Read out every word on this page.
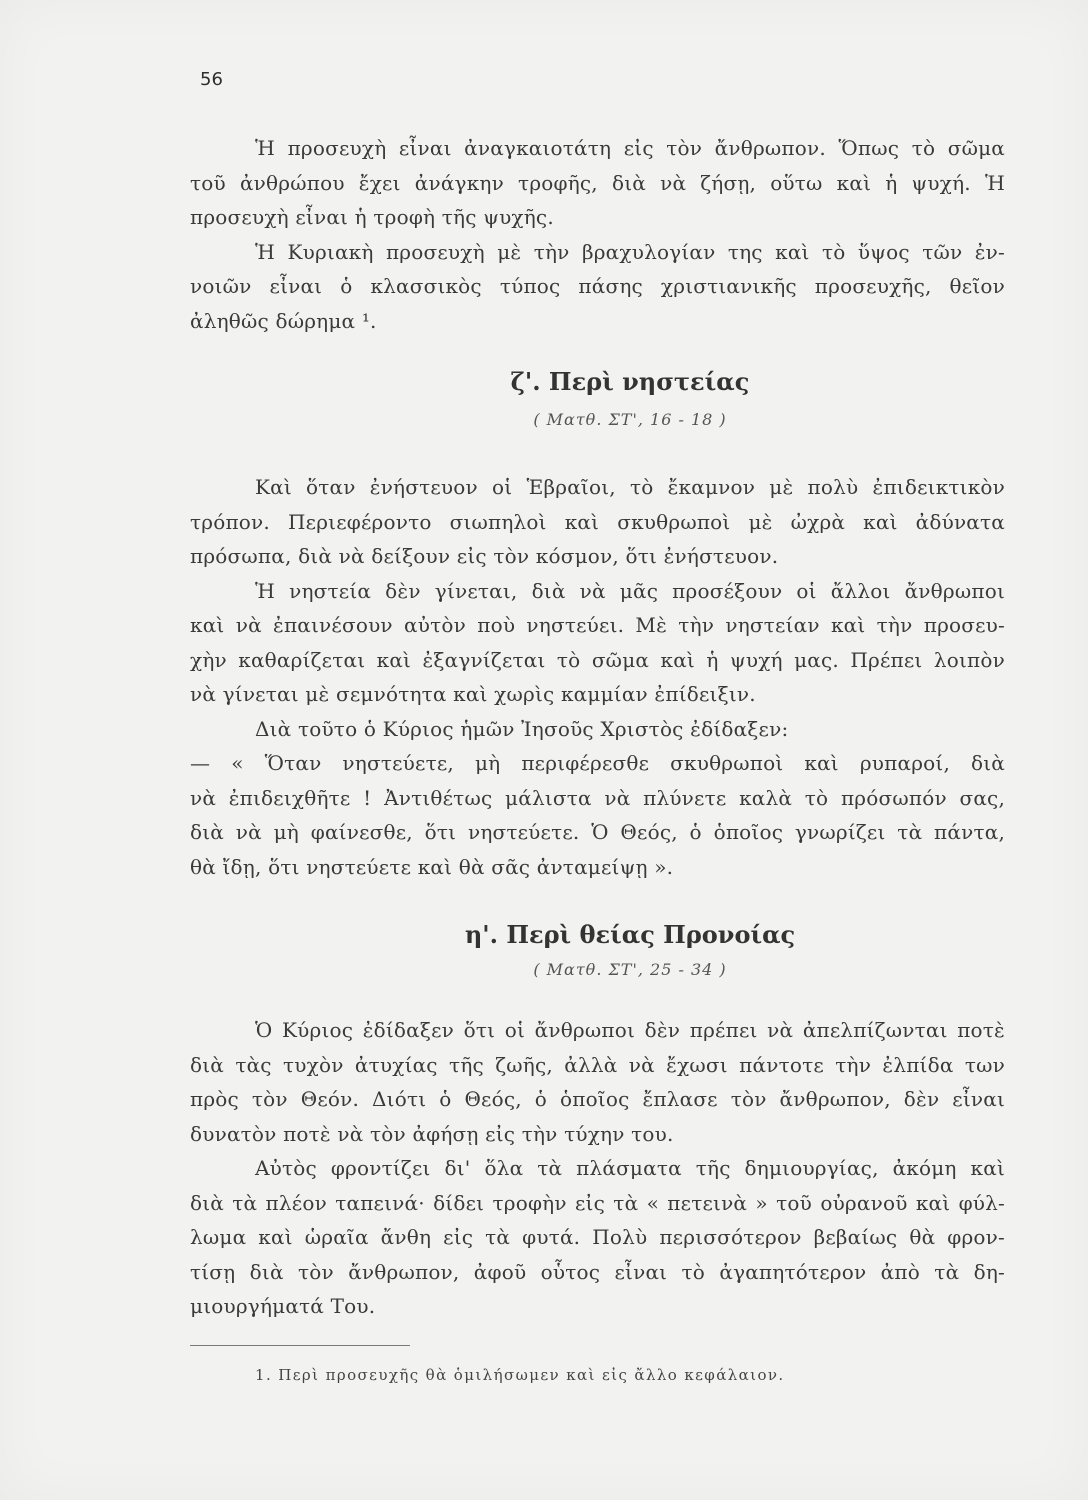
56
Ἡ προσευχὴ εἶναι ἀναγκαιοτάτη εἰς τὸν ἄνθρωπον. Ὅπως τὸ σῶμα
τοῦ ἀνθρώπου ἔχει ἀνάγκην τροφῆς, διὰ νὰ ζήσῃ, οὕτω καὶ ἡ ψυχή. Ἡ
προσευχὴ εἶναι ἡ τροφὴ τῆς ψυχῆς.
Ἡ Κυριακὴ προσευχὴ μὲ τὴν βραχυλογίαν της καὶ τὸ ὕψος τῶν ἐν-
νοιῶν εἶναι ὁ κλασσικὸς τύπος πάσης χριστιανικῆς προσευχῆς, θεῖον
ἀληθῶς δώρημα ¹.
ζ'. Περὶ νηστείας
( Ματθ. ΣΤ', 16 - 18 )
Καὶ ὅταν ἐνήστευον οἱ Ἑβραῖοι, τὸ ἔκαμνον μὲ πολὺ ἐπιδεικτικὸν
τρόπον. Περιεφέροντο σιωπηλοὶ καὶ σκυθρωποὶ μὲ ὠχρὰ καὶ ἀδύνατα
πρόσωπα, διὰ νὰ δείξουν εἰς τὸν κόσμον, ὅτι ἐνήστευον.
Ἡ νηστεία δὲν γίνεται, διὰ νὰ μᾶς προσέξουν οἱ ἄλλοι ἄνθρωποι
καὶ νὰ ἐπαινέσουν αὐτὸν ποὺ νηστεύει. Μὲ τὴν νηστείαν καὶ τὴν προσευ-
χὴν καθαρίζεται καὶ ἐξαγνίζεται τὸ σῶμα καὶ ἡ ψυχή μας. Πρέπει λοιπὸν
νὰ γίνεται μὲ σεμνότητα καὶ χωρὶς καμμίαν ἐπίδειξιν.
Διὰ τοῦτο ὁ Κύριος ἡμῶν Ἰησοῦς Χριστὸς ἐδίδαξεν:
— « Ὅταν νηστεύετε, μὴ περιφέρεσθε σκυθρωποὶ καὶ ρυπαροί, διὰ
νὰ ἐπιδειχθῆτε ! Ἀντιθέτως μάλιστα νὰ πλύνετε καλὰ τὸ πρόσωπόν σας,
διὰ νὰ μὴ φαίνεσθε, ὅτι νηστεύετε. Ὁ Θεός, ὁ ὁποῖος γνωρίζει τὰ πάντα,
θὰ ἴδῃ, ὅτι νηστεύετε καὶ θὰ σᾶς ἀνταμείψῃ ».
η'. Περὶ θείας Προνοίας
( Ματθ. ΣΤ', 25 - 34 )
Ὁ Κύριος ἐδίδαξεν ὅτι οἱ ἄνθρωποι δὲν πρέπει νὰ ἀπελπίζωνται ποτὲ
διὰ τὰς τυχὸν ἀτυχίας τῆς ζωῆς, ἀλλὰ νὰ ἔχωσι πάντοτε τὴν ἐλπίδα των
πρὸς τὸν Θεόν. Διότι ὁ Θεός, ὁ ὁποῖος ἔπλασε τὸν ἄνθρωπον, δὲν εἶναι
δυνατὸν ποτὲ νὰ τὸν ἀφήσῃ εἰς τὴν τύχην του.
Αὐτὸς φροντίζει δι' ὅλα τὰ πλάσματα τῆς δημιουργίας, ἀκόμη καὶ
διὰ τὰ πλέον ταπεινά· δίδει τροφὴν εἰς τὰ « πετεινὰ » τοῦ οὐρανοῦ καὶ φύλ-
λωμα καὶ ὡραῖα ἄνθη εἰς τὰ φυτά. Πολὺ περισσότερον βεβαίως θὰ φρον-
τίσῃ διὰ τὸν ἄνθρωπον, ἀφοῦ οὗτος εἶναι τὸ ἀγαπητότερον ἀπὸ τὰ δη-
μιουργήματά Του.
1. Περὶ προσευχῆς θὰ ὁμιλήσωμεν καὶ εἰς ἄλλο κεφάλαιον.
